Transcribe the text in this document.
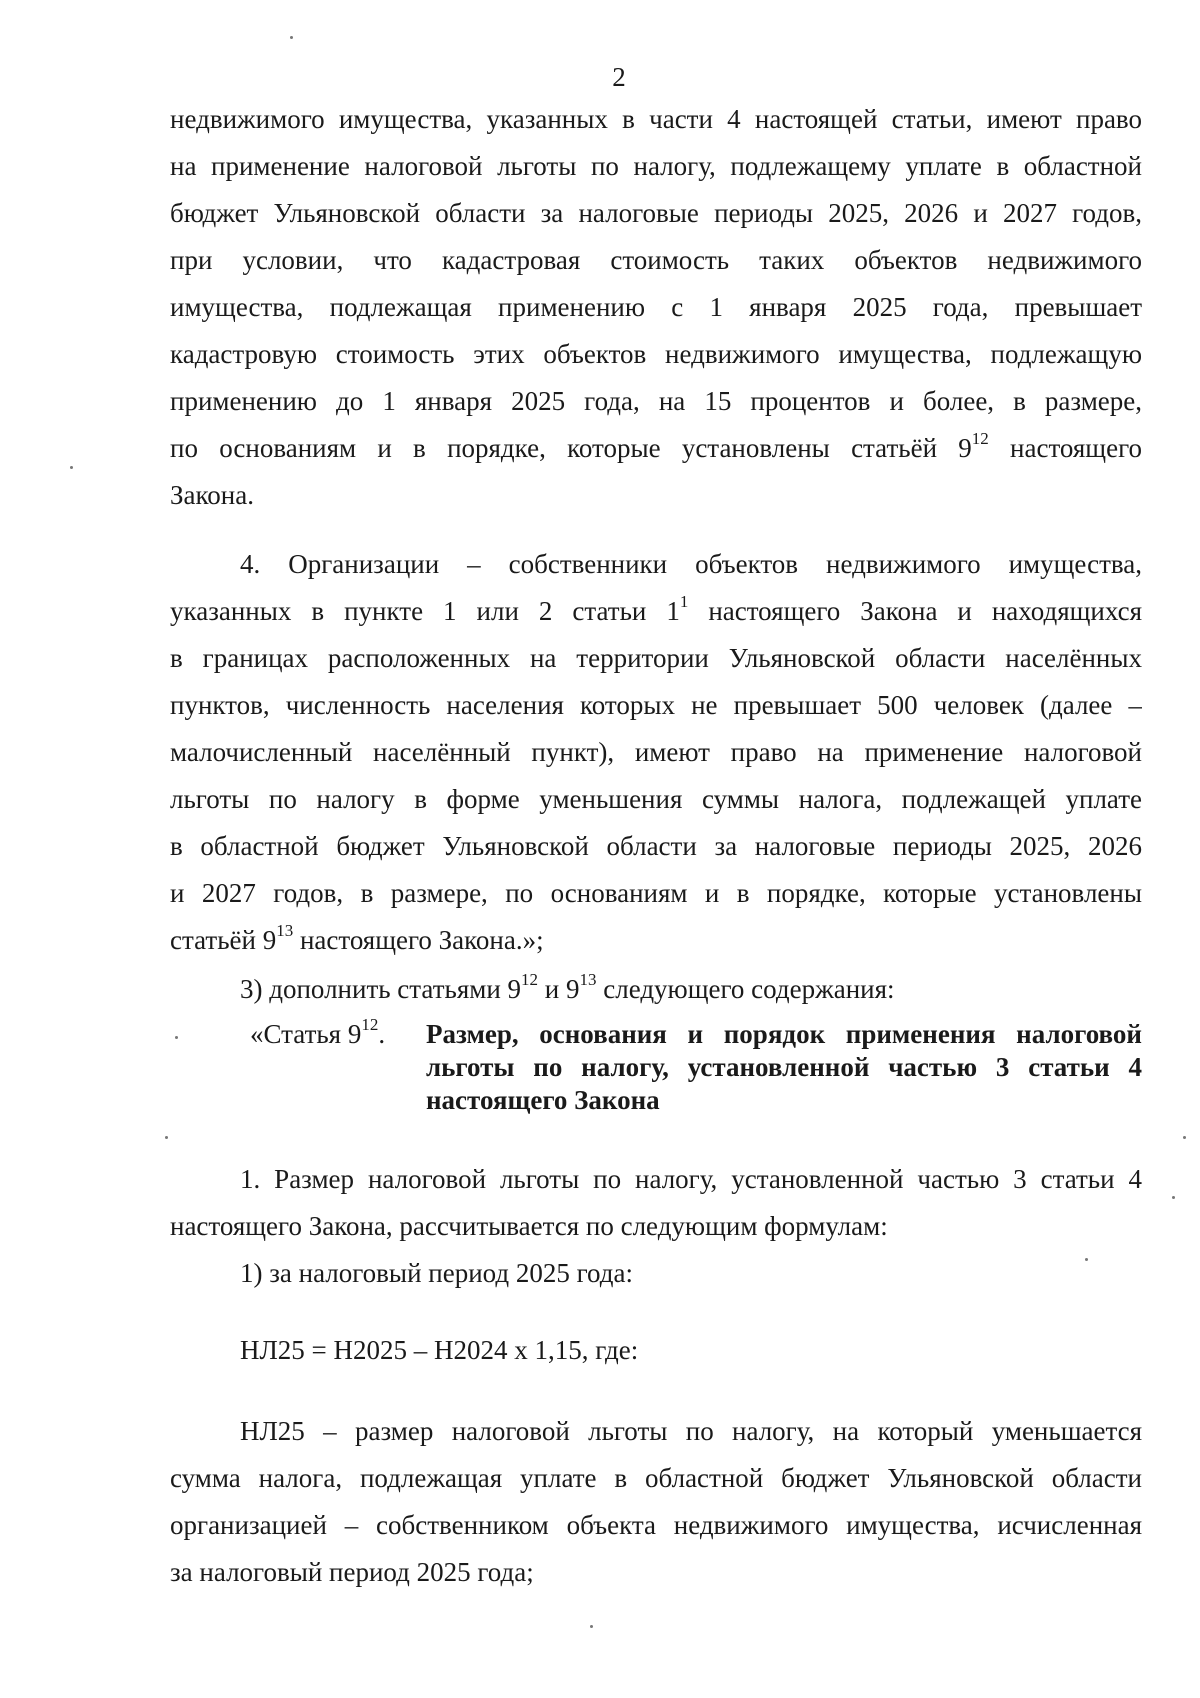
2
недвижимого имущества, указанных в части 4 настоящей статьи, имеют право
на применение налоговой льготы по налогу, подлежащему уплате в областной
бюджет Ульяновской области за налоговые периоды 2025, 2026 и 2027 годов,
при условии, что кадастровая стоимость таких объектов недвижимого
имущества, подлежащая применению с 1 января 2025 года, превышает
кадастровую стоимость этих объектов недвижимого имущества, подлежащую
применению до 1 января 2025 года, на 15 процентов и более, в размере,
по основаниям и в порядке, которые установлены статьёй $9^{12}$ настоящего
Закона.
4. Организации – собственники объектов недвижимого имущества,
указанных в пункте 1 или 2 статьи $1^1$ настоящего Закона и находящихся
в границах расположенных на территории Ульяновской области населённых
пунктов, численность населения которых не превышает 500 человек (далее –
малочисленный населённый пункт), имеют право на применение налоговой
льготы по налогу в форме уменьшения суммы налога, подлежащей уплате
в областной бюджет Ульяновской области за налоговые периоды 2025, 2026
и 2027 годов, в размере, по основаниям и в порядке, которые установлены
статьёй $9^{13}$ настоящего Закона.»;
3) дополнить статьями $9^{12}$ и $9^{13}$ следующего содержания:
«Статья $9^{12}$. Размер, основания и порядок применения налоговой
льготы по налогу, установленной частью 3 статьи 4
настоящего Закона
1. Размер налоговой льготы по налогу, установленной частью 3 статьи 4
настоящего Закона, рассчитывается по следующим формулам:
1) за налоговый период 2025 года:
НЛ25 = Н2025 – Н2024 х 1,15, где:
НЛ25 – размер налоговой льготы по налогу, на который уменьшается
сумма налога, подлежащая уплате в областной бюджет Ульяновской области
организацией – собственником объекта недвижимого имущества, исчисленная
за налоговый период 2025 года;
